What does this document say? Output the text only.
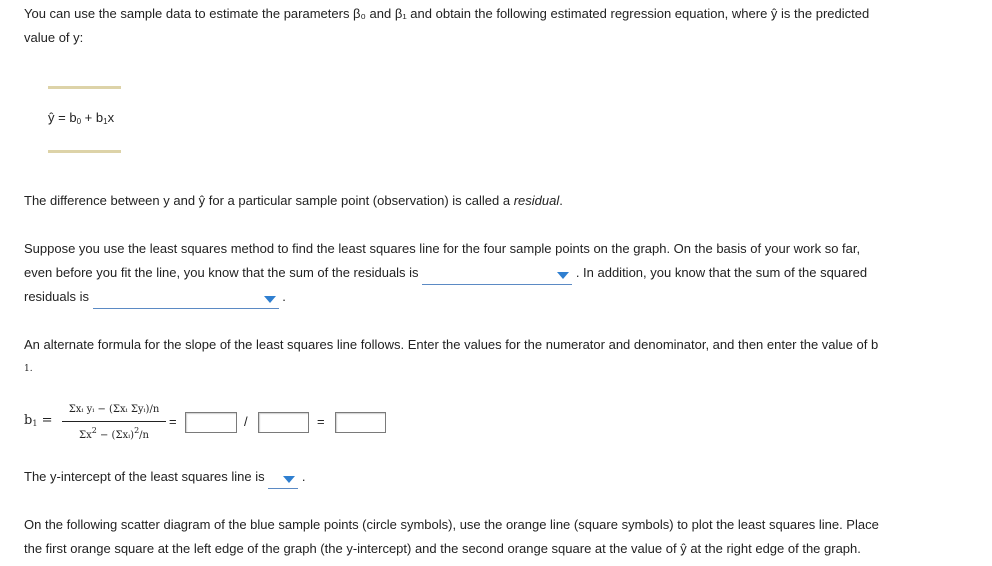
You can use the sample data to estimate the parameters β₀ and β₁ and obtain the following estimated regression equation, where ŷ is the predicted
value of y:
ŷ = $b_0 + b_1x$
The difference between y and ŷ for a particular sample point (observation) is called a residual.
Suppose you use the least squares method to find the least squares line for the four sample points on the graph. On the basis of your work so far,
even before you fit the line, you know that the sum of the residuals is	. In addition, you know that the sum of the squared
residuals is	.
An alternate formula for the slope of the least squares line follows. Enter the values for the numerator and denominator, and then enter the value of b
1.
$b_1$ =
Σxᵢ yᵢ − (Σxᵢ Σyᵢ)/n
$\Sigma x^2$ − (Σxᵢ)$^2$/n
=	/	=
The y-intercept of the least squares line is	.
On the following scatter diagram of the blue sample points (circle symbols), use the orange line (square symbols) to plot the least squares line. Place
the first orange square at the left edge of the graph (the y-intercept) and the second orange square at the value of ŷ at the right edge of the graph.
